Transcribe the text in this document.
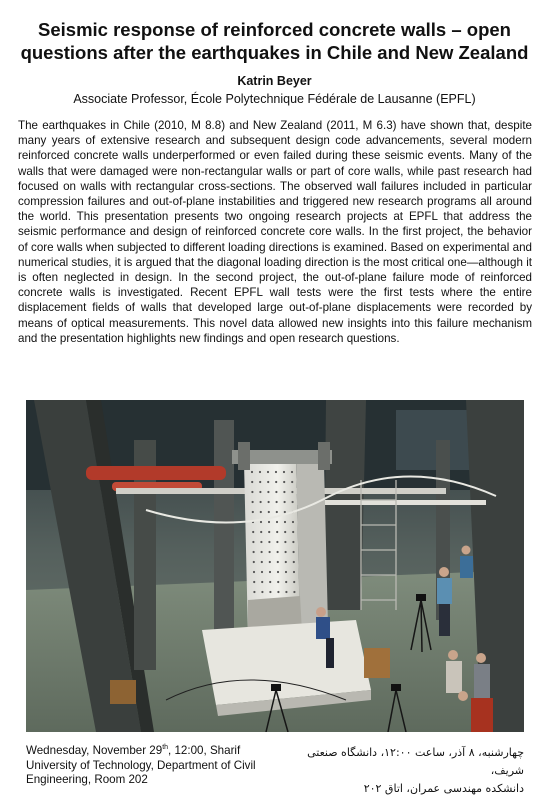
Seismic response of reinforced concrete walls – open questions after the earthquakes in Chile and New Zealand
Katrin Beyer
Associate Professor, École Polytechnique Fédérale de Lausanne (EPFL)

The earthquakes in Chile (2010, M 8.8) and New Zealand (2011, M 6.3) have shown that, despite many years of extensive research and subsequent design code advancements, several modern reinforced concrete walls underperformed or even failed during these seismic events. Many of the walls that were damaged were non-rectangular walls or part of core walls, while past research had focused on walls with rectangular cross-sections. The observed wall failures included in particular compression failures and out-of-plane instabilities and triggered new research programs all around the world. This presentation presents two ongoing research projects at EPFL that address the seismic performance and design of reinforced concrete core walls. In the first project, the behavior of core walls when subjected to different loading directions is examined. Based on experimental and numerical studies, it is argued that the diagonal loading direction is the most critical one—although it is often neglected in design. In the second project, the out-of-plane failure mode of reinforced concrete walls is investigated. Recent EPFL wall tests were the first tests where the entire displacement fields of walls that developed large out-of-plane displacements were recorded by means of optical measurements. This novel data allowed new insights into this failure mechanism and the presentation highlights new findings and open research questions.

Wednesday, November 29th, 12:00, Sharif University of Technology, Department of Civil Engineering, Room 202
چهارشنبه، ۸ آذر، ساعت ۱۲:۰۰، دانشگاه صنعتی شریف،
دانشکده مهندسی عمران، اتاق ۲۰۲
